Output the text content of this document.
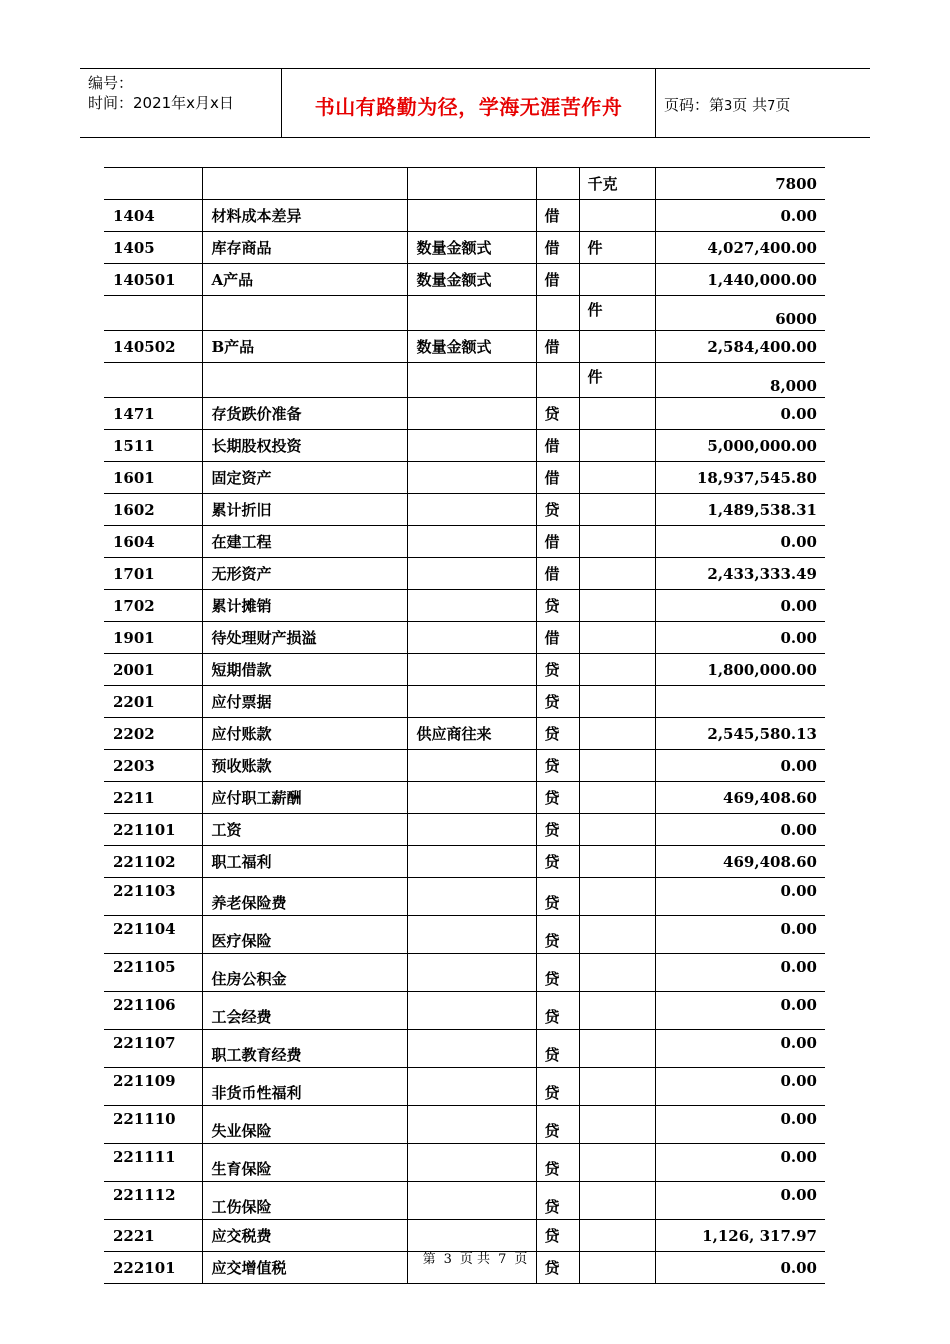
编号：
时间：2021年x月x日	书山有路勤为径，学海无涯苦作舟	页码：第3页 共7页
				千克	7800
1404	材料成本差异		借		0.00
1405	库存商品	数量金额式	借	件	4,027,400.00
140501	A产品	数量金额式	借		1,440,000.00
				件	6000
140502	B产品	数量金额式	借		2,584,400.00
				件	8,000
1471	存货跌价准备		贷		0.00
1511	长期股权投资		借		5,000,000.00
1601	固定资产		借		18,937,545.80
1602	累计折旧		贷		1,489,538.31
1604	在建工程		借		0.00
1701	无形资产		借		2,433,333.49
1702	累计摊销		贷		0.00
1901	待处理财产损溢		借		0.00
2001	短期借款		贷		1,800,000.00
2201	应付票据		贷		
2202	应付账款	供应商往来	贷		2,545,580.13
2203	预收账款		贷		0.00
2211	应付职工薪酬		贷		469,408.60
221101	工资		贷		0.00
221102	职工福利		贷		469,408.60
221103	养老保险费		贷		0.00
221104	医疗保险		贷		0.00
221105	住房公积金		贷		0.00
221106	工会经费		贷		0.00
221107	职工教育经费		贷		0.00
221109	非货币性福利		贷		0.00
221110	失业保险		贷		0.00
221111	生育保险		贷		0.00
221112	工伤保险		贷		0.00
2221	应交税费		贷		1,126, 317.97
222101	应交增值税		贷		0.00
第 3 页 共 7 页
